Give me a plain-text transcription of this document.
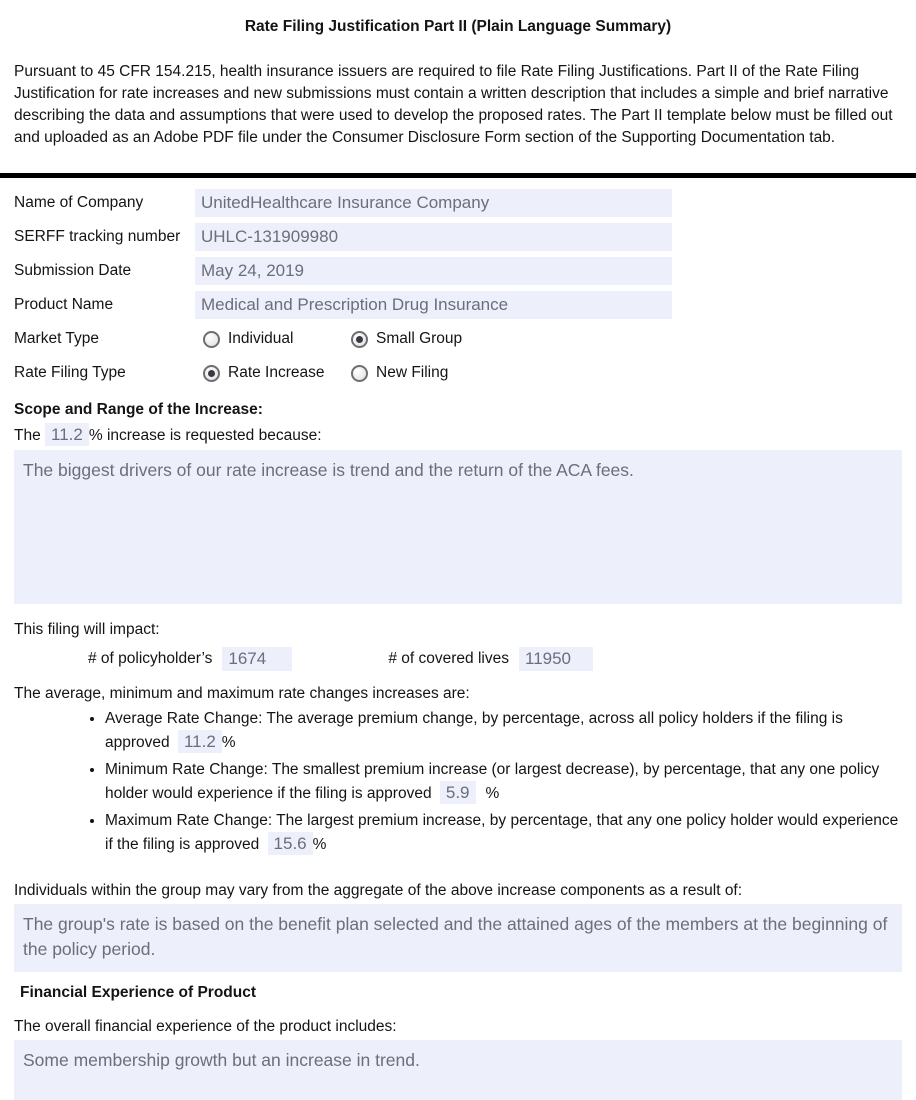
Rate Filing Justification Part II (Plain Language Summary)

Pursuant to 45 CFR 154.215, health insurance issuers are required to file Rate Filing Justifications. Part II of the Rate Filing Justification for rate increases and new submissions must contain a written description that includes a simple and brief narrative describing the data and assumptions that were used to develop the proposed rates. The Part II template below must be filled out and uploaded as an Adobe PDF file under the Consumer Disclosure Form section of the Supporting Documentation tab.

Name of Company	UnitedHealthcare Insurance Company
SERFF tracking number	UHLC-131909980
Submission Date	May 24, 2019
Product Name	Medical and Prescription Drug Insurance
Market Type	Individual	Small Group
Rate Filing Type	Rate Increase	New Filing
Scope and Range of the Increase:
The 11.2 % increase is requested because:
The biggest drivers of our rate increase is trend and the return of the ACA fees.
This filing will impact:
# of policyholder’s 1674	# of covered lives 11950
The average, minimum and maximum rate changes increases are:
• Average Rate Change: The average premium change, by percentage, across all policy holders if the filing is approved 11.2 %
• Minimum Rate Change: The smallest premium increase (or largest decrease), by percentage, that any one policy holder would experience if the filing is approved 5.9 %
• Maximum Rate Change: The largest premium increase, by percentage, that any one policy holder would experience if the filing is approved 15.6 %
Individuals within the group may vary from the aggregate of the above increase components as a result of:
The group's rate is based on the benefit plan selected and the attained ages of the members at the beginning of the policy period.
Financial Experience of Product
The overall financial experience of the product includes:
Some membership growth but an increase in trend.
